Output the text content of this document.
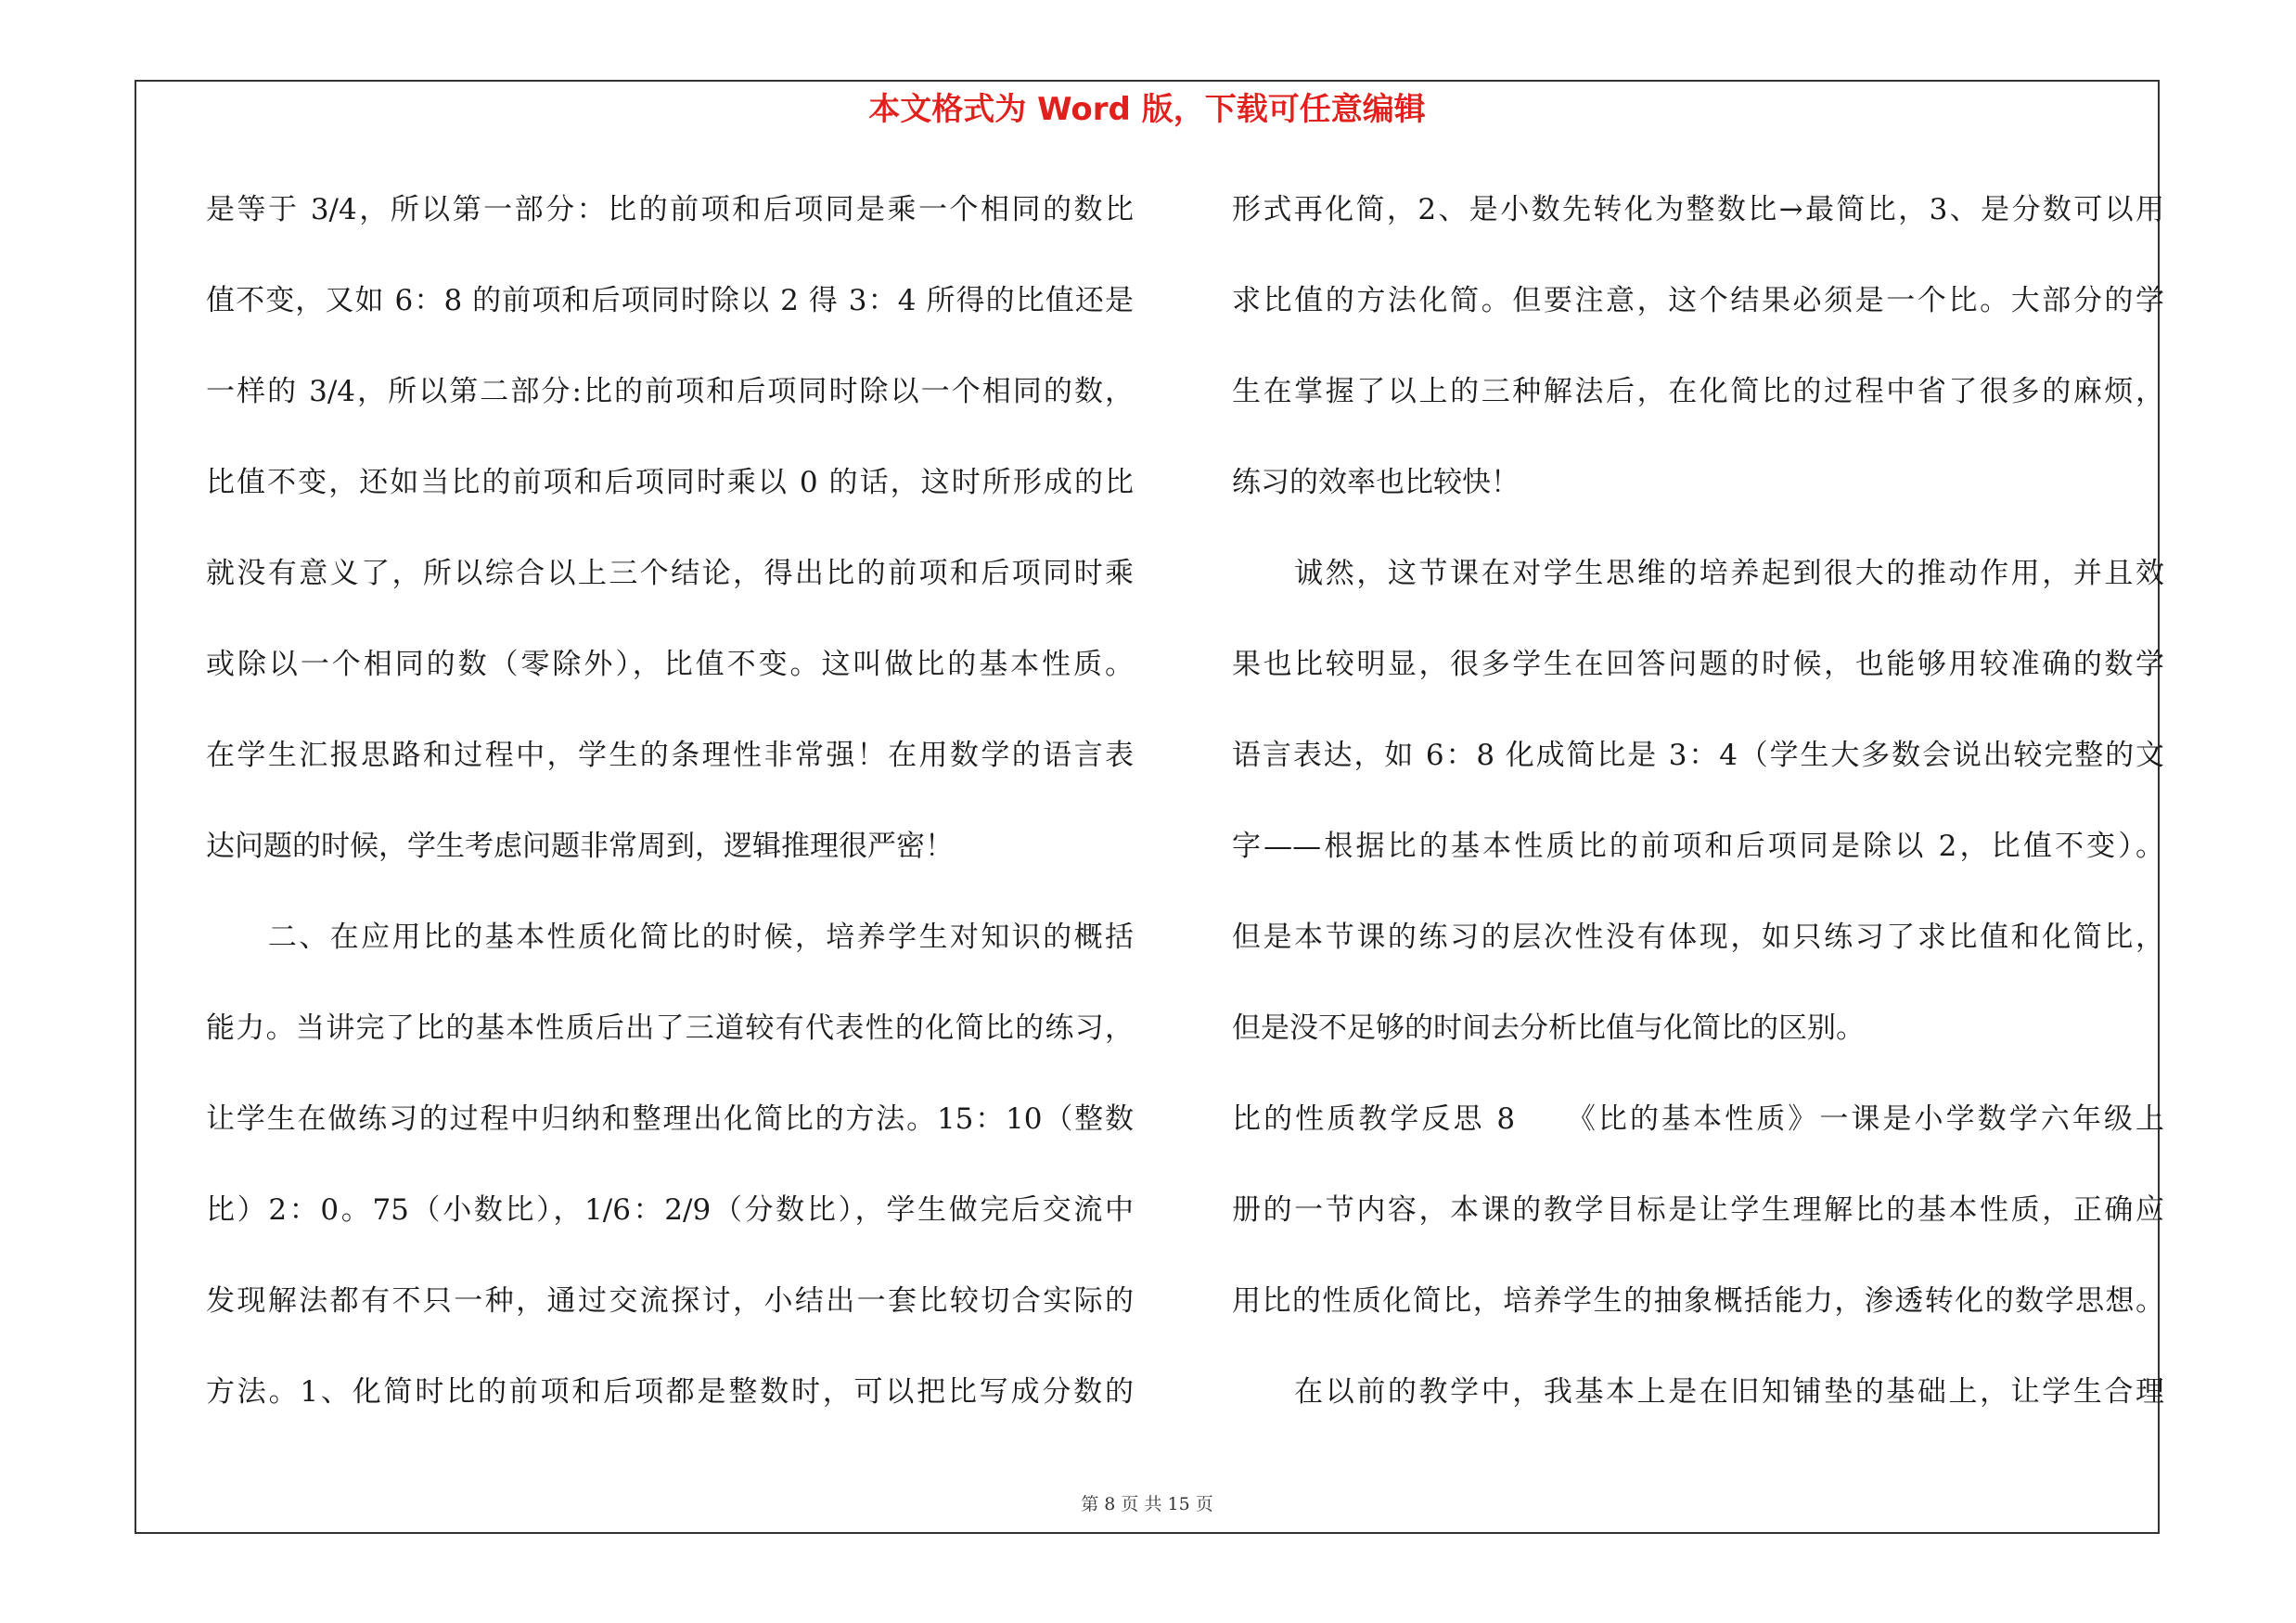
本文格式为 Word 版，下载可任意编辑
是等于 3/4，所以第一部分：比的前项和后项同是乘一个相同的数比
值不变，又如 6：8 的前项和后项同时除以 2 得 3：4 所得的比值还是
一样的 3/4，所以第二部分:比的前项和后项同时除以一个相同的数，
比值不变，还如当比的前项和后项同时乘以 0 的话，这时所形成的比
就没有意义了，所以综合以上三个结论，得出比的前项和后项同时乘
或除以一个相同的数（零除外），比值不变。这叫做比的基本性质。
在学生汇报思路和过程中，学生的条理性非常强！在用数学的语言表
达问题的时候，学生考虑问题非常周到，逻辑推理很严密！
　　二、在应用比的基本性质化简比的时候，培养学生对知识的概括
能力。当讲完了比的基本性质后出了三道较有代表性的化简比的练习，
让学生在做练习的过程中归纳和整理出化简比的方法。15：10（整数
比）2：0。75（小数比），1/6：2/9（分数比），学生做完后交流中
发现解法都有不只一种，通过交流探讨，小结出一套比较切合实际的
方法。1、化简时比的前项和后项都是整数时，可以把比写成分数的
形式再化简，2、是小数先转化为整数比→最简比，3、是分数可以用
求比值的方法化简。但要注意，这个结果必须是一个比。大部分的学
生在掌握了以上的三种解法后，在化简比的过程中省了很多的麻烦，
练习的效率也比较快！
　　诚然，这节课在对学生思维的培养起到很大的推动作用，并且效
果也比较明显，很多学生在回答问题的时候，也能够用较准确的数学
语言表达，如 6：8 化成简比是 3：4（学生大多数会说出较完整的文
字——根据比的基本性质比的前项和后项同是除以 2，比值不变）。
但是本节课的练习的层次性没有体现，如只练习了求比值和化简比，
但是没不足够的时间去分析比值与化简比的区别。
比的性质教学反思 8　　《比的基本性质》一课是小学数学六年级上
册的一节内容，本课的教学目标是让学生理解比的基本性质，正确应
用比的性质化简比，培养学生的抽象概括能力，渗透转化的数学思想。
　　在以前的教学中，我基本上是在旧知铺垫的基础上，让学生合理
第 8 页 共 15 页
